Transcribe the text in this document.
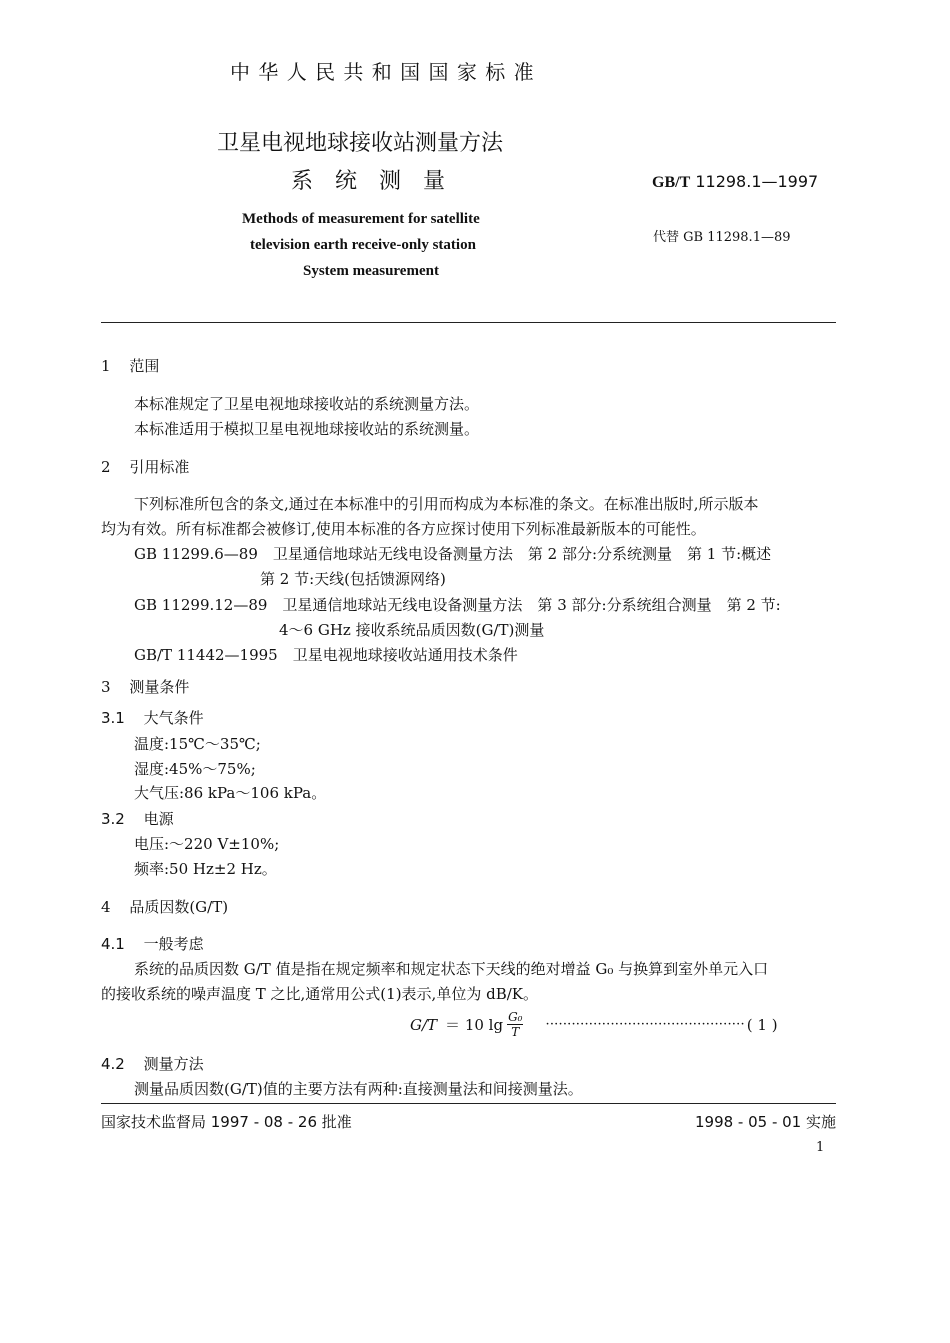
中 华 人 民 共 和 国 国 家 标 准
卫星电视地球接收站测量方法
系　统　测　量	GB/T 11298.1—1997
Methods of measurement for satellite
television earth receive-only station
System measurement
代替 GB 11298.1—89
1 范围
本标准规定了卫星电视地球接收站的系统测量方法。
本标准适用于模拟卫星电视地球接收站的系统测量。
2 引用标准
下列标准所包含的条文,通过在本标准中的引用而构成为本标准的条文。在标准出版时,所示版本
均为有效。所有标准都会被修订,使用本标准的各方应探讨使用下列标准最新版本的可能性。
GB 11299.6—89　卫星通信地球站无线电设备测量方法　第 2 部分:分系统测量　第 1 节:概述
第 2 节:天线(包括馈源网络)
GB 11299.12—89　卫星通信地球站无线电设备测量方法　第 3 部分:分系统组合测量　第 2 节:
4～6 GHz 接收系统品质因数(G/T)测量
GB/T 11442—1995　卫星电视地球接收站通用技术条件
3 测量条件
3.1 大气条件
温度:15℃～35℃;
湿度:45%～75%;
大气压:86 kPa～106 kPa。
3.2 电源
电压:～220 V±10%;
频率:50 Hz±2 Hz。
4 品质因数(G/T)
4.1 一般考虑
系统的品质因数 G/T 值是指在规定频率和规定状态下天线的绝对增益 G₀ 与换算到室外单元入口
的接收系统的噪声温度 T 之比,通常用公式(1)表示,单位为 dB/K。
G/T ＝ 10 $\lg \frac{\text{G₀}}{T}$ ·············································· ( 1 )
4.2 测量方法
测量品质因数(G/T)值的主要方法有两种:直接测量法和间接测量法。
国家技术监督局 1997 - 08 - 26 批准	1998 - 05 - 01 实施
1
